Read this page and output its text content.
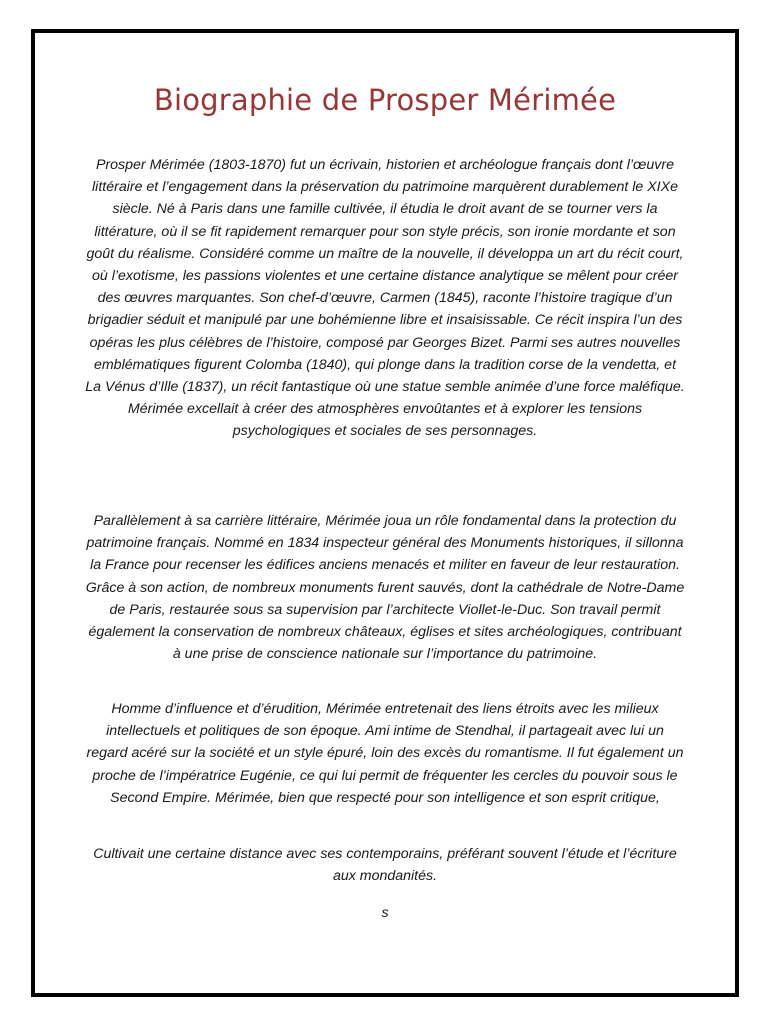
Biographie de Prosper Mérimée

Prosper Mérimée (1803-1870) fut un écrivain, historien et archéologue français dont l’œuvre littéraire et l’engagement dans la préservation du patrimoine marquèrent durablement le XIXe siècle. Né à Paris dans une famille cultivée, il étudia le droit avant de se tourner vers la littérature, où il se fit rapidement remarquer pour son style précis, son ironie mordante et son goût du réalisme. Considéré comme un maître de la nouvelle, il développa un art du récit court, où l’exotisme, les passions violentes et une certaine distance analytique se mêlent pour créer des œuvres marquantes. Son chef-d’œuvre, Carmen (1845), raconte l’histoire tragique d’un brigadier séduit et manipulé par une bohémienne libre et insaisissable. Ce récit inspira l’un des opéras les plus célèbres de l’histoire, composé par Georges Bizet. Parmi ses autres nouvelles emblématiques figurent Colomba (1840), qui plonge dans la tradition corse de la vendetta, et La Vénus d’Ille (1837), un récit fantastique où une statue semble animée d’une force maléfique. Mérimée excellait à créer des atmosphères envoûtantes et à explorer les tensions psychologiques et sociales de ses personnages.

Parallèlement à sa carrière littéraire, Mérimée joua un rôle fondamental dans la protection du patrimoine français. Nommé en 1834 inspecteur général des Monuments historiques, il sillonna la France pour recenser les édifices anciens menacés et militer en faveur de leur restauration. Grâce à son action, de nombreux monuments furent sauvés, dont la cathédrale de Notre-Dame de Paris, restaurée sous sa supervision par l’architecte Viollet-le-Duc. Son travail permit également la conservation de nombreux châteaux, églises et sites archéologiques, contribuant à une prise de conscience nationale sur l’importance du patrimoine.

Homme d’influence et d’érudition, Mérimée entretenait des liens étroits avec les milieux intellectuels et politiques de son époque. Ami intime de Stendhal, il partageait avec lui un regard acéré sur la société et un style épuré, loin des excès du romantisme. Il fut également un proche de l’impératrice Eugénie, ce qui lui permit de fréquenter les cercles du pouvoir sous le Second Empire. Mérimée, bien que respecté pour son intelligence et son esprit critique,

Cultivait une certaine distance avec ses contemporains, préférant souvent l’étude et l’écriture aux mondanités.

s
